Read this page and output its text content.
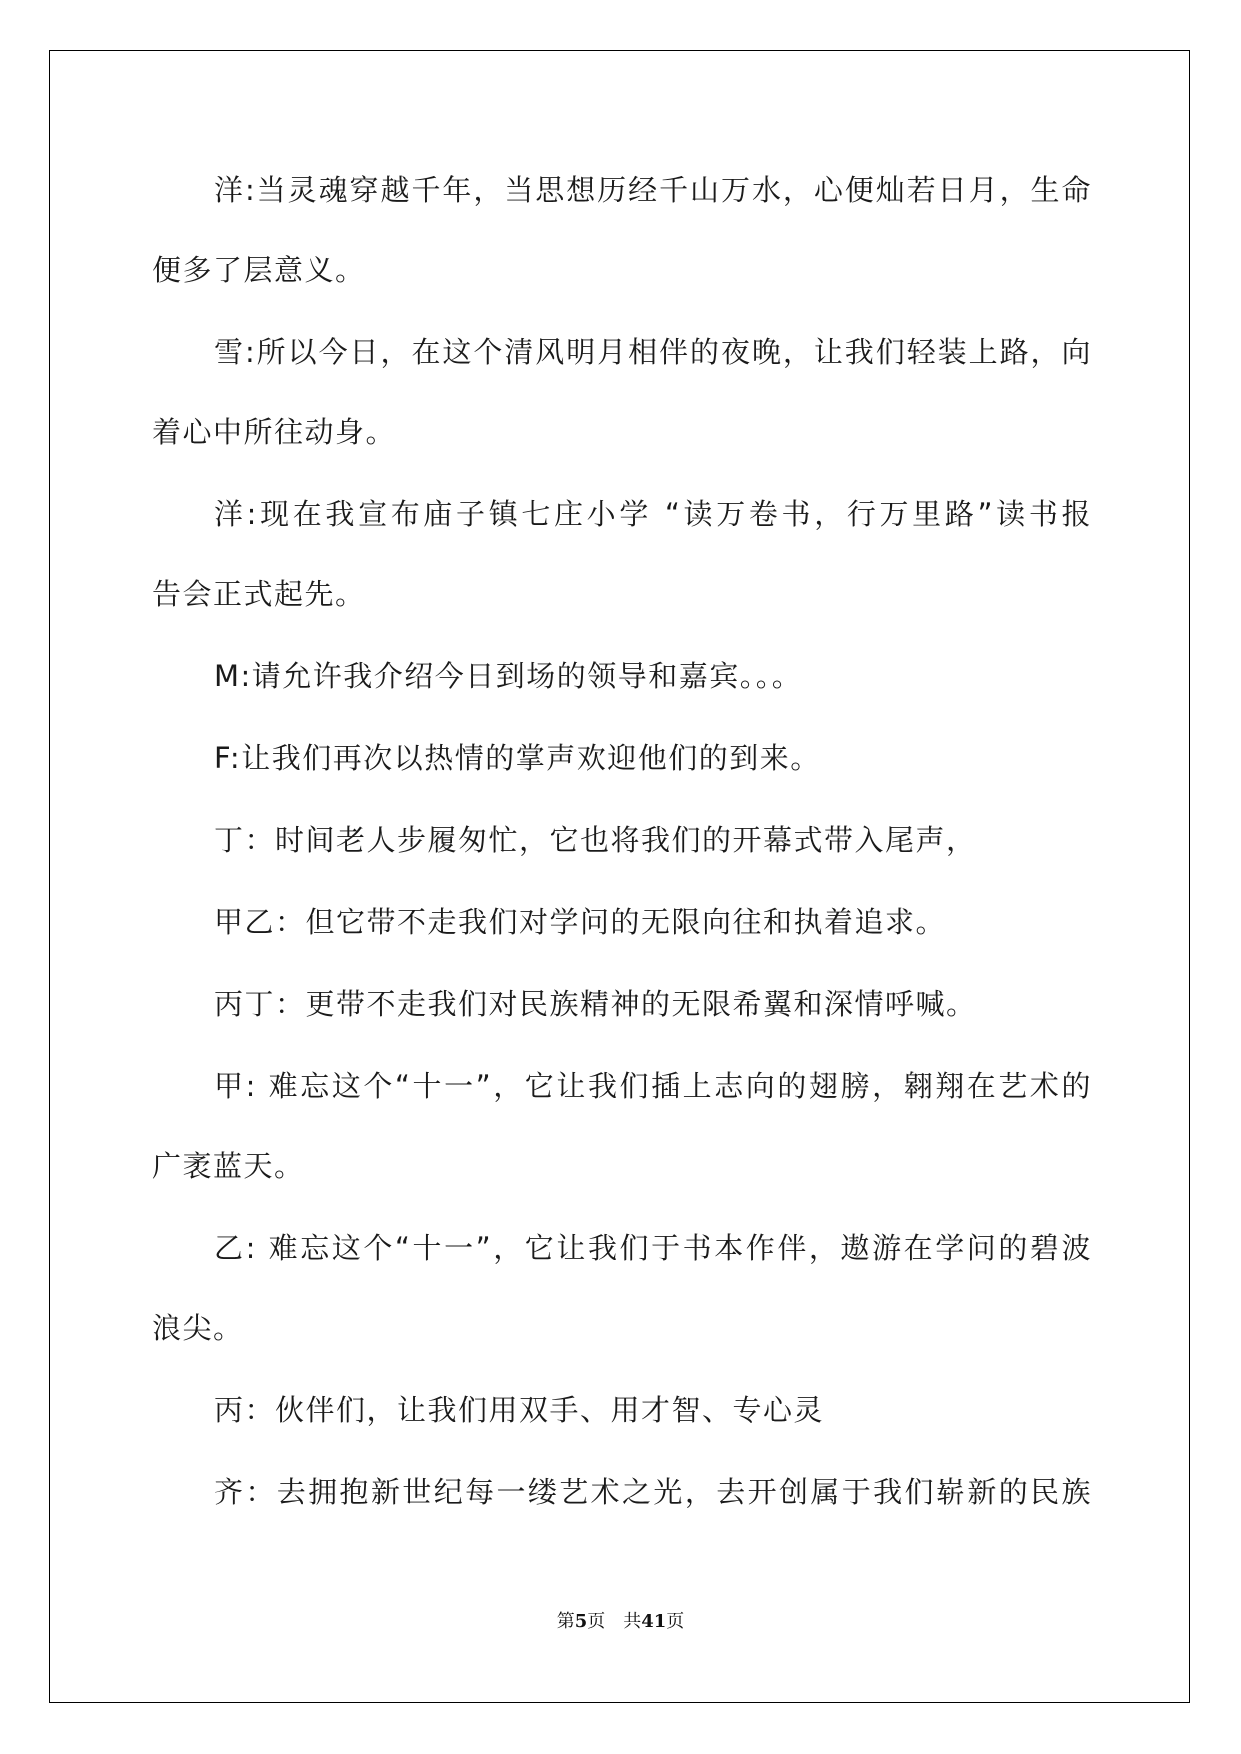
洋:当灵魂穿越千年，当思想历经千山万水，心便灿若日月，生命

便多了层意义。

雪:所以今日，在这个清风明月相伴的夜晚，让我们轻装上路，向

着心中所往动身。

洋:现在我宣布庙子镇七庄小学 “读万卷书，行万里路”读书报

告会正式起先。

M:请允许我介绍今日到场的领导和嘉宾。。。

F:让我们再次以热情的掌声欢迎他们的到来。

丁：时间老人步履匆忙，它也将我们的开幕式带入尾声，

甲乙：但它带不走我们对学问的无限向往和执着追求。

丙丁：更带不走我们对民族精神的无限希翼和深情呼喊。

甲: 难忘这个“十一”，它让我们插上志向的翅膀，翱翔在艺术的

广袤蓝天。

乙: 难忘这个“十一”，它让我们于书本作伴，遨游在学问的碧波

浪尖。

丙：伙伴们，让我们用双手、用才智、专心灵

齐：去拥抱新世纪每一缕艺术之光，去开创属于我们崭新的民族

第5页　共41页
